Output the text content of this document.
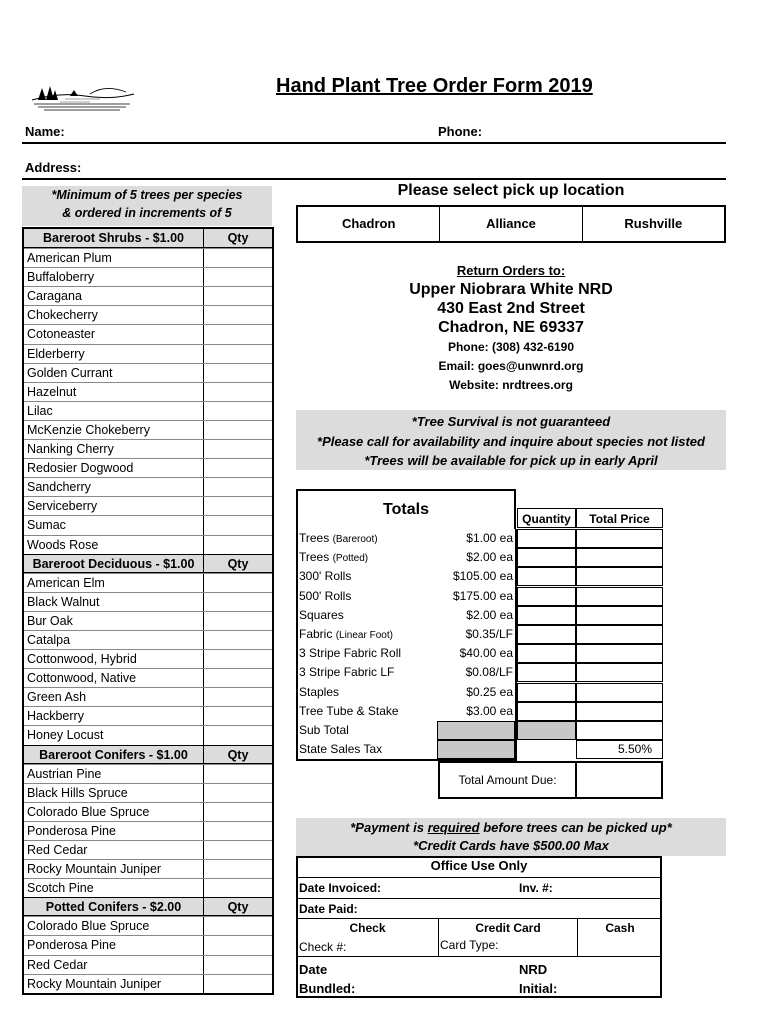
Hand Plant Tree Order Form 2019
Name:	Phone:
Address:
*Minimum of 5 trees per species
& ordered in increments of 5
Bareroot Shrubs - $1.00	Qty
American Plum
Buffaloberry
Caragana
Chokecherry
Cotoneaster
Elderberry
Golden Currant
Hazelnut
Lilac
McKenzie Chokeberry
Nanking Cherry
Redosier Dogwood
Sandcherry
Serviceberry
Sumac
Woods Rose
Bareroot Deciduous - $1.00	Qty
American Elm
Black Walnut
Bur Oak
Catalpa
Cottonwood, Hybrid
Cottonwood, Native
Green Ash
Hackberry
Honey Locust
Bareroot Conifers - $1.00	Qty
Austrian Pine
Black Hills Spruce
Colorado Blue Spruce
Ponderosa Pine
Red Cedar
Rocky Mountain Juniper
Scotch Pine
Potted Conifers - $2.00	Qty
Colorado Blue Spruce
Ponderosa Pine
Red Cedar
Rocky Mountain Juniper
Please select pick up location
Chadron	Alliance	Rushville
Return Orders to:
Upper Niobrara White NRD
430 East 2nd Street
Chadron, NE 69337
Phone: (308) 432-6190
Email: goes@unwnrd.org
Website: nrdtrees.org
*Tree Survival is not guaranteed
*Please call for availability and inquire about species not listed
*Trees will be available for pick up in early April
Totals
Quantity	Total Price
Trees (Bareroot)	$1.00 ea
Trees (Potted)	$2.00 ea
300' Rolls	$105.00 ea
500' Rolls	$175.00 ea
Squares	$2.00 ea
Fabric (Linear Foot)	$0.35/LF
3 Stripe Fabric Roll	$40.00 ea
3 Stripe Fabric LF	$0.08/LF
Staples	$0.25 ea
Tree Tube & Stake	$3.00 ea
Sub Total
State Sales Tax	5.50%
Total Amount Due:
*Payment is required before trees can be picked up*
*Credit Cards have $500.00 Max
Office Use Only
Date Invoiced:	Inv. #:
Date Paid:
Check	Credit Card	Cash
Check #:	Card Type:
Date
Bundled:
NRD
Initial:
